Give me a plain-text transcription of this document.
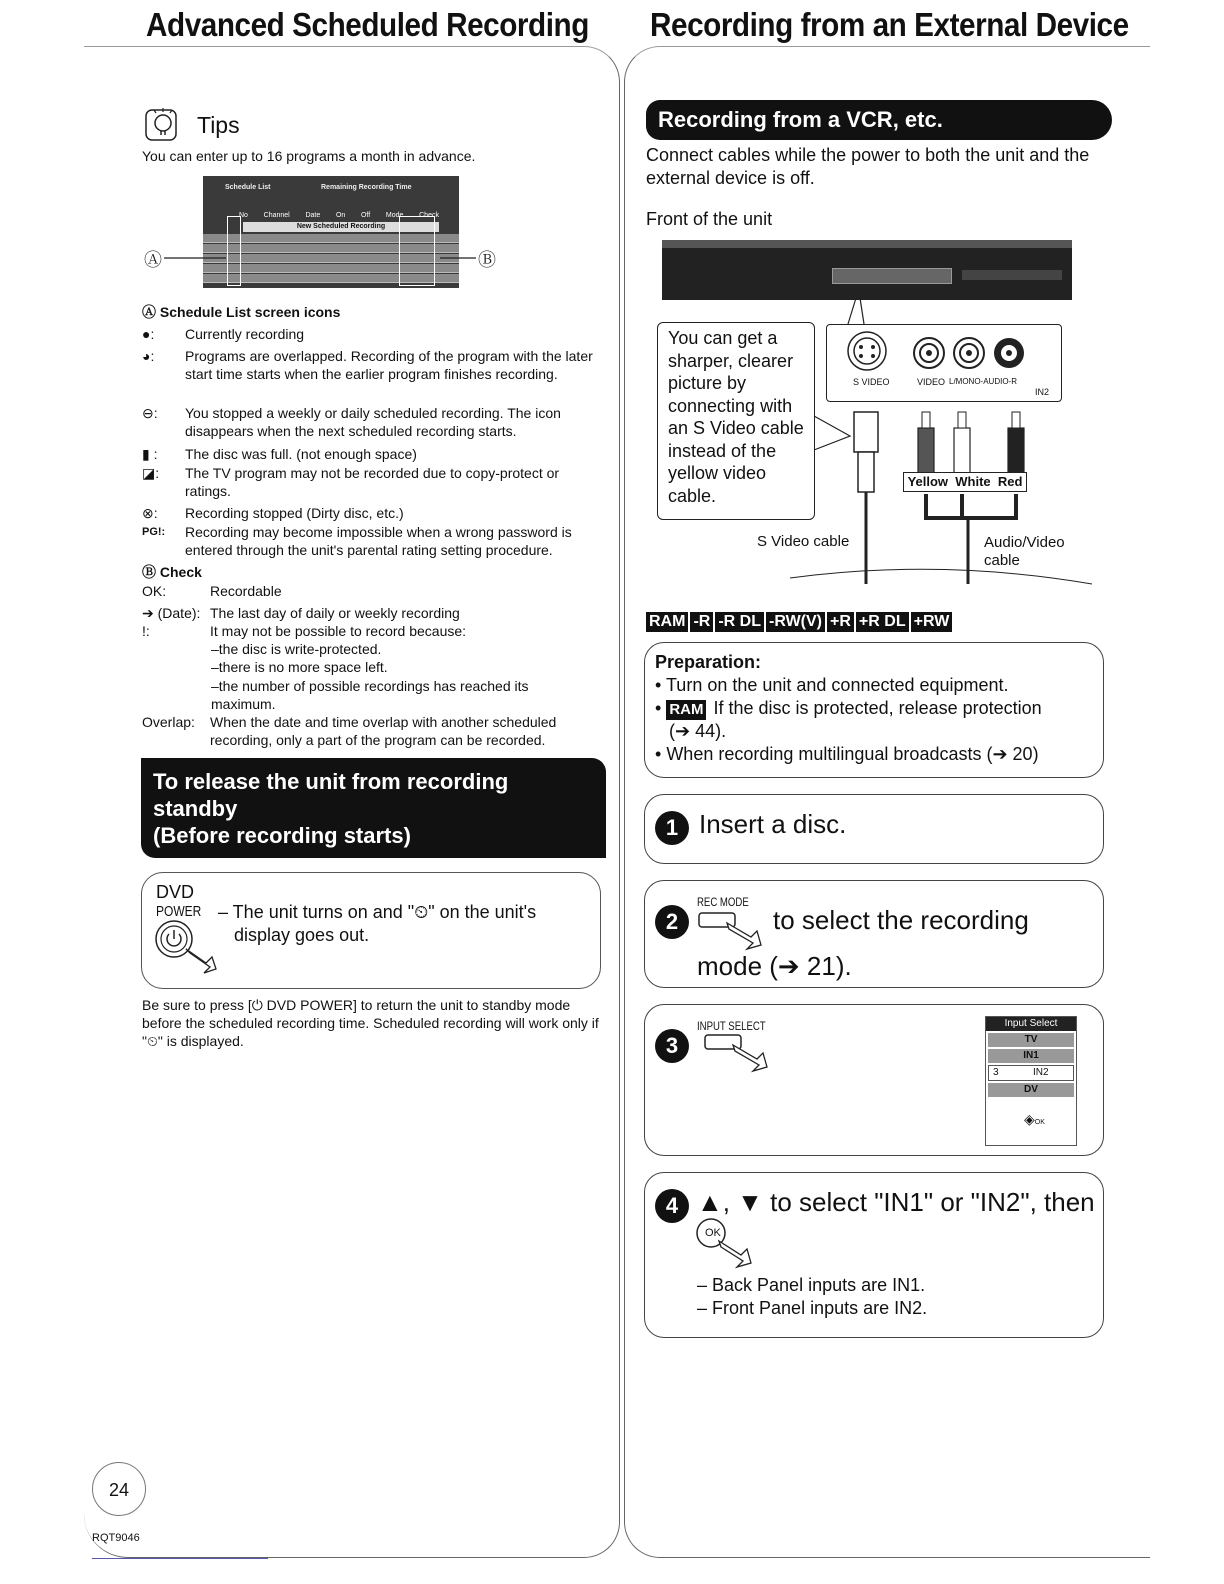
Advanced Scheduled Recording Recording from an External Device
Tips
You can enter up to 16 programs a month in advance.
Schedule List	Remaining Recording Time
No Channel Date On Off Mode Check
New Scheduled Recording
Ⓐ	Ⓑ
Ⓐ Schedule List screen icons
●:	Currently recording
◕:	Programs are overlapped. Recording of the program with the later start time starts when the earlier program finishes recording.
⊖:	You stopped a weekly or daily scheduled recording. The icon disappears when the next scheduled recording starts.
▮ :	The disc was full. (not enough space)
◪:	The TV program may not be recorded due to copy-protect or ratings.
⊗:	Recording stopped (Dirty disc, etc.)
PG!:	Recording may become impossible when a wrong password is entered through the unit's parental rating setting procedure.
Ⓑ Check
OK:	Recordable
➔ (Date): The last day of daily or weekly recording
!:	It may not be possible to record because:
–the disc is write-protected.
–there is no more space left.
–the number of possible recordings has reached its maximum.
Overlap:	When the date and time overlap with another scheduled recording, only a part of the program can be recorded.
To release the unit from recording
standby
(Before recording starts)
DVD
POWER – The unit turns on and "⏲" on the unit's
display goes out.
Be sure to press [⏻ DVD POWER] to return the unit to standby mode before the scheduled recording time. Scheduled recording will work only if "⏲" is displayed.
24
RQT9046
Recording from a VCR, etc.
Connect cables while the power to both the unit and the external device is off.
Front of the unit
You can get a sharper, clearer picture by connecting with an S Video cable instead of the yellow video cable.
S VIDEO	VIDEO L/MONO-AUDIO-R
IN2
Yellow  White  Red
S Video cable	Audio/Video
cable
RAM -R -R DL -RW(V) +R +R DL +RW
Preparation:
• Turn on the unit and connected equipment.
• RAM If the disc is protected, release protection
(➔ 44).
• When recording multilingual broadcasts (➔ 20)
1 Insert a disc.
2
REC MODE
to select the recording
mode (➔ 21).
3
INPUT SELECT	Input Select
TV
IN1
3	IN2
DV
◈OK
4 ▲, ▼ to select "IN1" or "IN2", then
OK
– Back Panel inputs are IN1.
– Front Panel inputs are IN2.
